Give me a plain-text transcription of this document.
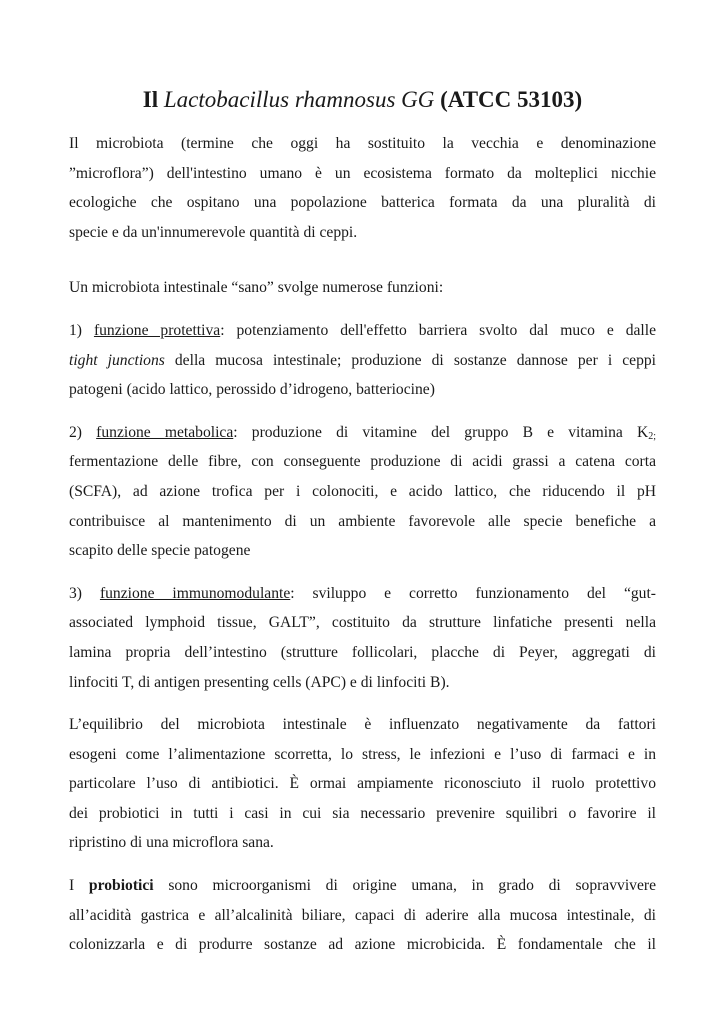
Il Lactobacillus rhamnosus GG (ATCC 53103)

Il microbiota (termine che oggi ha sostituito la vecchia e denominazione
”microflora”) dell'intestino umano è un ecosistema formato da molteplici nicchie
ecologiche che ospitano una popolazione batterica formata da una pluralità di
specie e da un'innumerevole quantità di ceppi.

Un microbiota intestinale “sano” svolge numerose funzioni:
1) funzione protettiva: potenziamento dell'effetto barriera svolto dal muco e dalle
tight junctions della mucosa intestinale; produzione di sostanze dannose per i ceppi
patogeni (acido lattico, perossido d’idrogeno, batteriocine)
2) funzione metabolica: produzione di vitamine del gruppo B e vitamina $K_{2;}$
fermentazione delle fibre, con conseguente produzione di acidi grassi a catena corta
(SCFA), ad azione trofica per i colonociti, e acido lattico, che riducendo il pH
contribuisce al mantenimento di un ambiente favorevole alle specie benefiche a
scapito delle specie patogene
3) funzione immunomodulante: sviluppo e corretto funzionamento del “gut-
associated lymphoid tissue, GALT”, costituito da strutture linfatiche presenti nella
lamina propria dell’intestino (strutture follicolari, placche di Peyer, aggregati di
linfociti T, di antigen presenting cells (APC) e di linfociti B).
L’equilibrio del microbiota intestinale è influenzato negativamente da fattori
esogeni come l’alimentazione scorretta, lo stress, le infezioni e l’uso di farmaci e in
particolare l’uso di antibiotici. È ormai ampiamente riconosciuto il ruolo protettivo
dei probiotici in tutti i casi in cui sia necessario prevenire squilibri o favorire il
ripristino di una microflora sana.
I probiotici sono microorganismi di origine umana, in grado di sopravvivere
all’acidità gastrica e all’alcalinità biliare, capaci di aderire alla mucosa intestinale, di
colonizzarla e di produrre sostanze ad azione microbicida. È fondamentale che il
